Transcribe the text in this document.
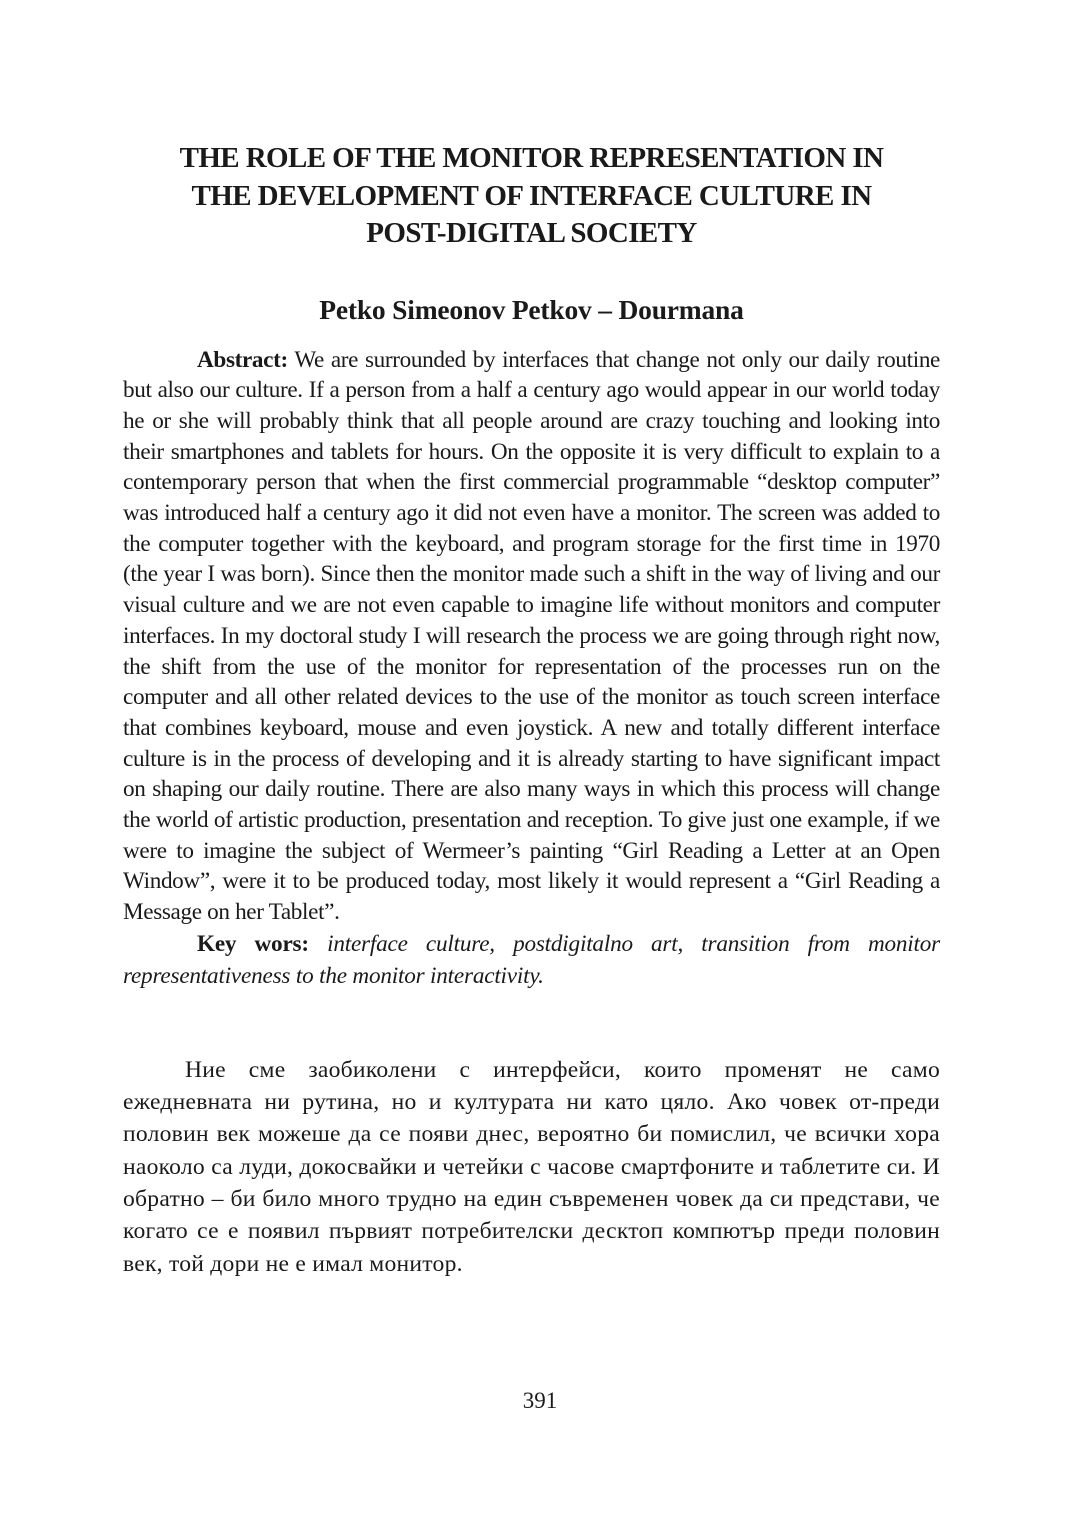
THE ROLE OF THE MONITOR REPRESENTATION IN
THE DEVELOPMENT OF INTERFACE CULTURE IN
POST-DIGITAL SOCIETY

Petko Simeonov Petkov – Dourmana

Abstract: We are surrounded by interfaces that change not only our daily routine but also our culture. If a person from a half a century ago would appear in our world today he or she will probably think that all people around are crazy touching and looking into their smartphones and tablets for hours. On the opposite it is very difficult to explain to a contemporary person that when the first commercial programmable “desktop computer” was introduced half a century ago it did not even have a monitor. The screen was added to the computer together with the keyboard, and program storage for the first time in 1970 (the year I was born). Since then the monitor made such a shift in the way of living and our visual culture and we are not even capable to imagine life without monitors and computer interfaces. In my doctoral study I will research the process we are going through right now, the shift from the use of the monitor for representation of the processes run on the computer and all other related devices to the use of the monitor as touch screen interface that combines keyboard, mouse and even joystick. A new and totally different interface culture is in the process of developing and it is already starting to have significant impact on shaping our daily routine. There are also many ways in which this process will change the world of artistic production, presentation and reception. To give just one example, if we were to imagine the subject of Wermeer’s painting “Girl Reading a Letter at an Open Window”, were it to be produced today, most likely it would represent a “Girl Reading a Message on her Tablet”.

Key wors: interface culture, postdigitalno art, transition from monitor representativeness to the monitor interactivity.

Ние сме заобиколени с интерфейси, които променят не само ежедневната ни рутина, но и културата ни като цяло. Ако човек от-преди половин век можеше да се появи днес, вероятно би помислил, че всички хора наоколо са луди, докосвайки и четейки с часове смартфоните и таблетите си. И обратно – би било много трудно на един съвременен човек да си представи, че когато се е появил първият потребителски десктоп компютър преди половин век, той дори не е имал монитор.

391
